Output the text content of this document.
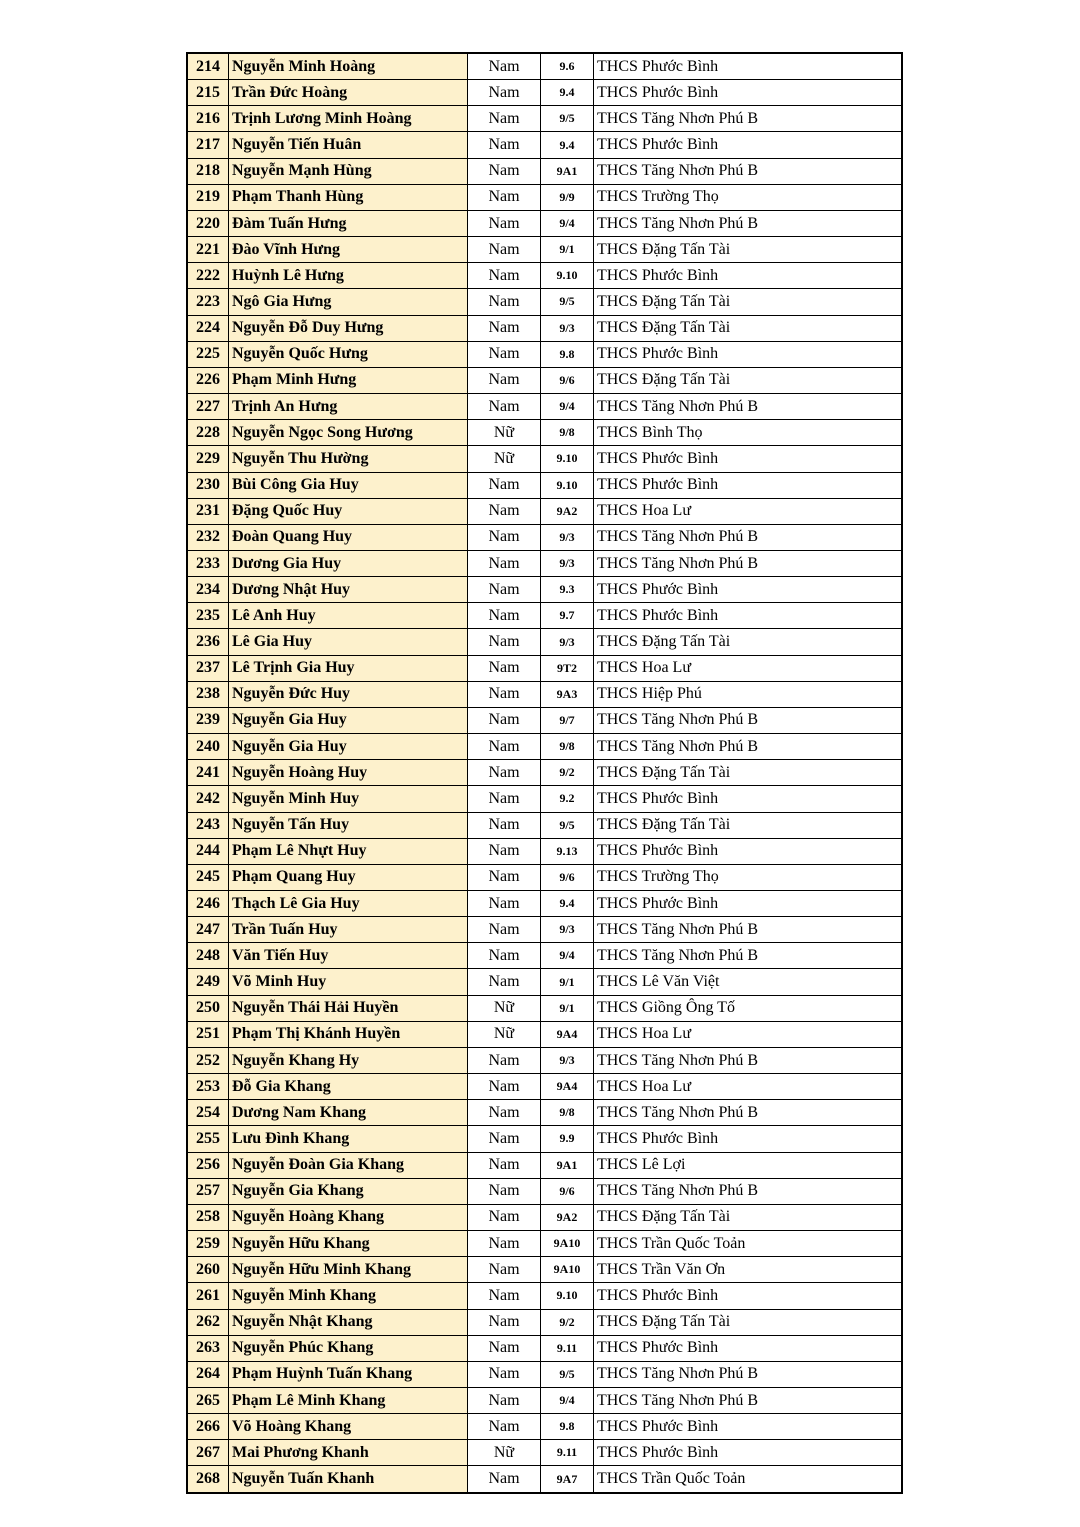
214	Nguyễn Minh Hoàng	Nam	9.6	THCS Phước Bình
215	Trần Đức Hoàng	Nam	9.4	THCS Phước Bình
216	Trịnh Lương Minh Hoàng	Nam	9/5	THCS Tăng Nhơn Phú B
217	Nguyễn Tiến Huân	Nam	9.4	THCS Phước Bình
218	Nguyễn Mạnh Hùng	Nam	9A1	THCS Tăng Nhơn Phú B
219	Phạm Thanh Hùng	Nam	9/9	THCS Trường Thọ
220	Đàm Tuấn Hưng	Nam	9/4	THCS Tăng Nhơn Phú B
221	Đào Vĩnh Hưng	Nam	9/1	THCS Đặng Tấn Tài
222	Huỳnh Lê Hưng	Nam	9.10	THCS Phước Bình
223	Ngô Gia Hưng	Nam	9/5	THCS Đặng Tấn Tài
224	Nguyễn Đỗ Duy Hưng	Nam	9/3	THCS Đặng Tấn Tài
225	Nguyễn Quốc Hưng	Nam	9.8	THCS Phước Bình
226	Phạm Minh Hưng	Nam	9/6	THCS Đặng Tấn Tài
227	Trịnh An Hưng	Nam	9/4	THCS Tăng Nhơn Phú B
228	Nguyễn Ngọc Song Hương	Nữ	9/8	THCS Bình Thọ
229	Nguyễn Thu Hường	Nữ	9.10	THCS Phước Bình
230	Bùi Công Gia Huy	Nam	9.10	THCS Phước Bình
231	Đặng Quốc Huy	Nam	9A2	THCS Hoa Lư
232	Đoàn Quang Huy	Nam	9/3	THCS Tăng Nhơn Phú B
233	Dương Gia Huy	Nam	9/3	THCS Tăng Nhơn Phú B
234	Dương Nhật Huy	Nam	9.3	THCS Phước Bình
235	Lê Anh Huy	Nam	9.7	THCS Phước Bình
236	Lê Gia Huy	Nam	9/3	THCS Đặng Tấn Tài
237	Lê Trịnh Gia Huy	Nam	9T2	THCS Hoa Lư
238	Nguyễn Đức Huy	Nam	9A3	THCS Hiệp Phú
239	Nguyễn Gia Huy	Nam	9/7	THCS Tăng Nhơn Phú B
240	Nguyễn Gia Huy	Nam	9/8	THCS Tăng Nhơn Phú B
241	Nguyễn Hoàng Huy	Nam	9/2	THCS Đặng Tấn Tài
242	Nguyễn Minh Huy	Nam	9.2	THCS Phước Bình
243	Nguyễn Tấn Huy	Nam	9/5	THCS Đặng Tấn Tài
244	Phạm Lê Nhựt Huy	Nam	9.13	THCS Phước Bình
245	Phạm Quang Huy	Nam	9/6	THCS Trường Thọ
246	Thạch Lê Gia Huy	Nam	9.4	THCS Phước Bình
247	Trần Tuấn Huy	Nam	9/3	THCS Tăng Nhơn Phú B
248	Văn Tiến Huy	Nam	9/4	THCS Tăng Nhơn Phú B
249	Võ Minh Huy	Nam	9/1	THCS Lê Văn Việt
250	Nguyễn Thái Hải Huyền	Nữ	9/1	THCS Giồng Ông Tố
251	Phạm Thị Khánh Huyền	Nữ	9A4	THCS Hoa Lư
252	Nguyễn Khang Hy	Nam	9/3	THCS Tăng Nhơn Phú B
253	Đỗ Gia Khang	Nam	9A4	THCS Hoa Lư
254	Dương Nam Khang	Nam	9/8	THCS Tăng Nhơn Phú B
255	Lưu Đình Khang	Nam	9.9	THCS Phước Bình
256	Nguyễn Đoàn Gia Khang	Nam	9A1	THCS Lê Lợi
257	Nguyễn Gia Khang	Nam	9/6	THCS Tăng Nhơn Phú B
258	Nguyễn Hoàng Khang	Nam	9A2	THCS Đặng Tấn Tài
259	Nguyễn Hữu Khang	Nam	9A10	THCS Trần Quốc Toản
260	Nguyễn Hữu Minh Khang	Nam	9A10	THCS Trần Văn Ơn
261	Nguyễn Minh Khang	Nam	9.10	THCS Phước Bình
262	Nguyễn Nhật Khang	Nam	9/2	THCS Đặng Tấn Tài
263	Nguyễn Phúc Khang	Nam	9.11	THCS Phước Bình
264	Phạm Huỳnh Tuấn Khang	Nam	9/5	THCS Tăng Nhơn Phú B
265	Phạm Lê Minh Khang	Nam	9/4	THCS Tăng Nhơn Phú B
266	Võ Hoàng Khang	Nam	9.8	THCS Phước Bình
267	Mai Phương Khanh	Nữ	9.11	THCS Phước Bình
268	Nguyễn Tuấn Khanh	Nam	9A7	THCS Trần Quốc Toản
